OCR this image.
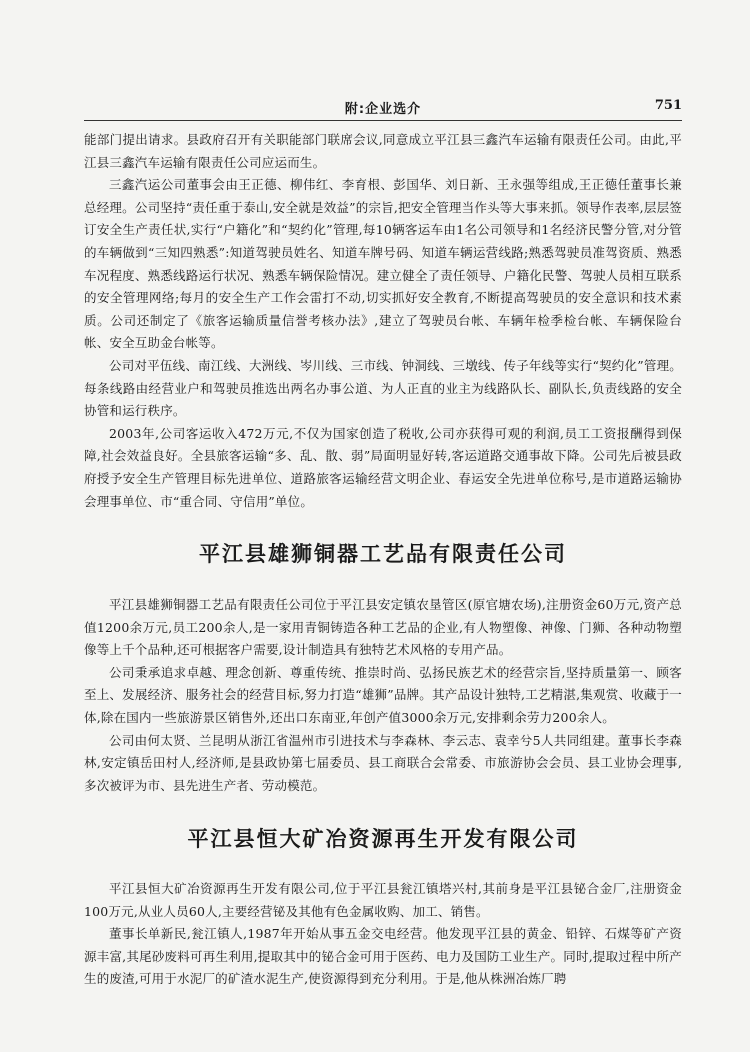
附:企业选介	751

能部门提出请求。县政府召开有关职能部门联席会议,同意成立平江县三鑫汽车运输有限责任公司。由此,平江县三鑫汽车运输有限责任公司应运而生。

三鑫汽运公司董事会由王正德、柳伟红、李育根、彭国华、刘日新、王永强等组成,王正德任董事长兼总经理。公司坚持“责任重于泰山,安全就是效益”的宗旨,把安全管理当作头等大事来抓。领导作表率,层层签订安全生产责任状,实行“户籍化”和“契约化”管理,每10辆客运车由1名公司领导和1名经济民警分管,对分管的车辆做到“三知四熟悉”:知道驾驶员姓名、知道车牌号码、知道车辆运营线路;熟悉驾驶员准驾资质、熟悉车况程度、熟悉线路运行状况、熟悉车辆保险情况。建立健全了责任领导、户籍化民警、驾驶人员相互联系的安全管理网络;每月的安全生产工作会雷打不动,切实抓好安全教育,不断提高驾驶员的安全意识和技术素质。公司还制定了《旅客运输质量信誉考核办法》,建立了驾驶员台帐、车辆年检季检台帐、车辆保险台帐、安全互助金台帐等。

公司对平伍线、南江线、大洲线、岑川线、三市线、钟洞线、三墩线、传子年线等实行“契约化”管理。每条线路由经营业户和驾驶员推选出两名办事公道、为人正直的业主为线路队长、副队长,负责线路的安全协管和运行秩序。

2003年,公司客运收入472万元,不仅为国家创造了税收,公司亦获得可观的利润,员工工资报酬得到保障,社会效益良好。全县旅客运输“多、乱、散、弱”局面明显好转,客运道路交通事故下降。公司先后被县政府授予安全生产管理目标先进单位、道路旅客运输经营文明企业、春运安全先进单位称号,是市道路运输协会理事单位、市“重合同、守信用”单位。

平江县雄狮铜器工艺品有限责任公司

平江县雄狮铜器工艺品有限责任公司位于平江县安定镇农垦管区(原官塘农场),注册资金60万元,资产总值1200余万元,员工200余人,是一家用青铜铸造各种工艺品的企业,有人物塑像、神像、门狮、各种动物塑像等上千个品种,还可根据客户需要,设计制造具有独特艺术风格的专用产品。

公司秉承追求卓越、理念创新、尊重传统、推崇时尚、弘扬民族艺术的经营宗旨,坚持质量第一、顾客至上、发展经济、服务社会的经营目标,努力打造“雄狮”品牌。其产品设计独特,工艺精湛,集观赏、收藏于一体,除在国内一些旅游景区销售外,还出口东南亚,年创产值3000余万元,安排剩余劳力200余人。

公司由何太贤、兰昆明从浙江省温州市引进技术与李森林、李云志、袁幸兮5人共同组建。董事长李森林,安定镇岳田村人,经济师,是县政协第七届委员、县工商联合会常委、市旅游协会会员、县工业协会理事,多次被评为市、县先进生产者、劳动模范。

平江县恒大矿冶资源再生开发有限公司

平江县恒大矿冶资源再生开发有限公司,位于平江县瓮江镇塔兴村,其前身是平江县铋合金厂,注册资金100万元,从业人员60人,主要经营铋及其他有色金属收购、加工、销售。

董事长单新民,瓮江镇人,1987年开始从事五金交电经营。他发现平江县的黄金、铅锌、石煤等矿产资源丰富,其尾砂废料可再生利用,提取其中的铋合金可用于医药、电力及国防工业生产。同时,提取过程中所产生的废渣,可用于水泥厂的矿渣水泥生产,使资源得到充分利用。于是,他从株洲冶炼厂聘
